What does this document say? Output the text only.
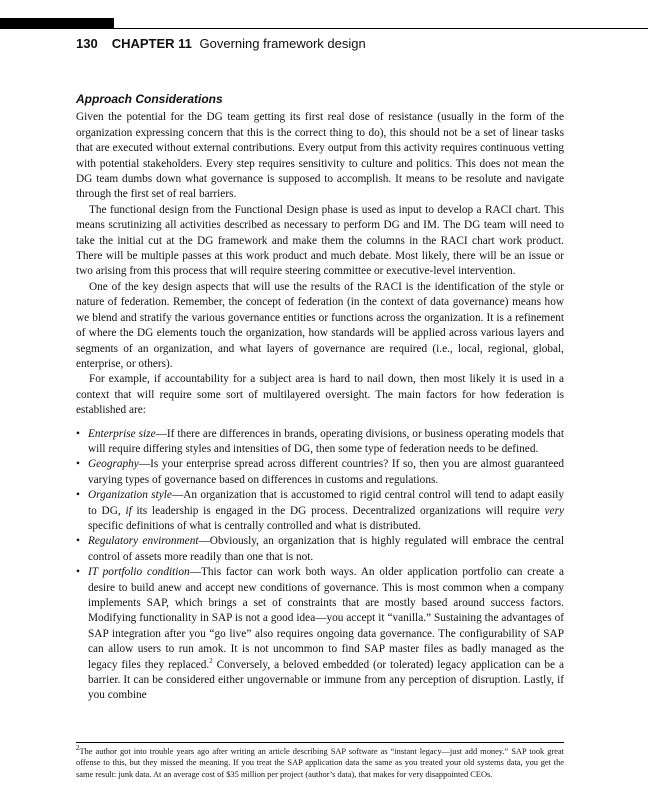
130 CHAPTER 11 Governing framework design
Approach Considerations

Given the potential for the DG team getting its first real dose of resistance (usually in the form of the organization expressing concern that this is the correct thing to do), this should not be a set of linear tasks that are executed without external contributions. Every output from this activity requires continuous vetting with potential stakeholders. Every step requires sensitivity to culture and politics. This does not mean the DG team dumbs down what governance is supposed to accomplish. It means to be resolute and navigate through the first set of real barriers.

The functional design from the Functional Design phase is used as input to develop a RACI chart. This means scrutinizing all activities described as necessary to perform DG and IM. The DG team will need to take the initial cut at the DG framework and make them the columns in the RACI chart work product. There will be multiple passes at this work product and much debate. Most likely, there will be an issue or two arising from this process that will require steering committee or executive-level intervention.

One of the key design aspects that will use the results of the RACI is the identification of the style or nature of federation. Remember, the concept of federation (in the context of data governance) means how we blend and stratify the various governance entities or functions across the organization. It is a refinement of where the DG elements touch the organization, how standards will be applied across various layers and segments of an organization, and what layers of governance are required (i.e., local, regional, global, enterprise, or others).

For example, if accountability for a subject area is hard to nail down, then most likely it is used in a context that will require some sort of multilayered oversight. The main factors for how federation is established are:

• Enterprise size—If there are differences in brands, operating divisions, or business operating models that will require differing styles and intensities of DG, then some type of federation needs to be defined.
• Geography—Is your enterprise spread across different countries? If so, then you are almost guaranteed varying types of governance based on differences in customs and regulations.
• Organization style—An organization that is accustomed to rigid central control will tend to adapt easily to DG, if its leadership is engaged in the DG process. Decentralized organizations will require very specific definitions of what is centrally controlled and what is distributed.
• Regulatory environment—Obviously, an organization that is highly regulated will embrace the central control of assets more readily than one that is not.
• IT portfolio condition—This factor can work both ways. An older application portfolio can create a desire to build anew and accept new conditions of governance. This is most common when a company implements SAP, which brings a set of constraints that are mostly based around success factors. Modifying functionality in SAP is not a good idea—you accept it “vanilla.” Sustaining the advantages of SAP integration after you “go live” also requires ongoing data governance. The configurability of SAP can allow users to run amok. It is not uncommon to find SAP master files as badly managed as the legacy files they replaced.$^2$ Conversely, a beloved embedded (or tolerated) legacy application can be a barrier. It can be considered either ungovernable or immune from any perception of disruption. Lastly, if you combine
$^2$The author got into trouble years ago after writing an article describing SAP software as “instant legacy—just add money.” SAP took great offense to this, but they missed the meaning. If you treat the SAP application data the same as you treated your old systems data, you get the same result: junk data. At an average cost of $35 million per project (author’s data), that makes for very disappointed CEOs.
